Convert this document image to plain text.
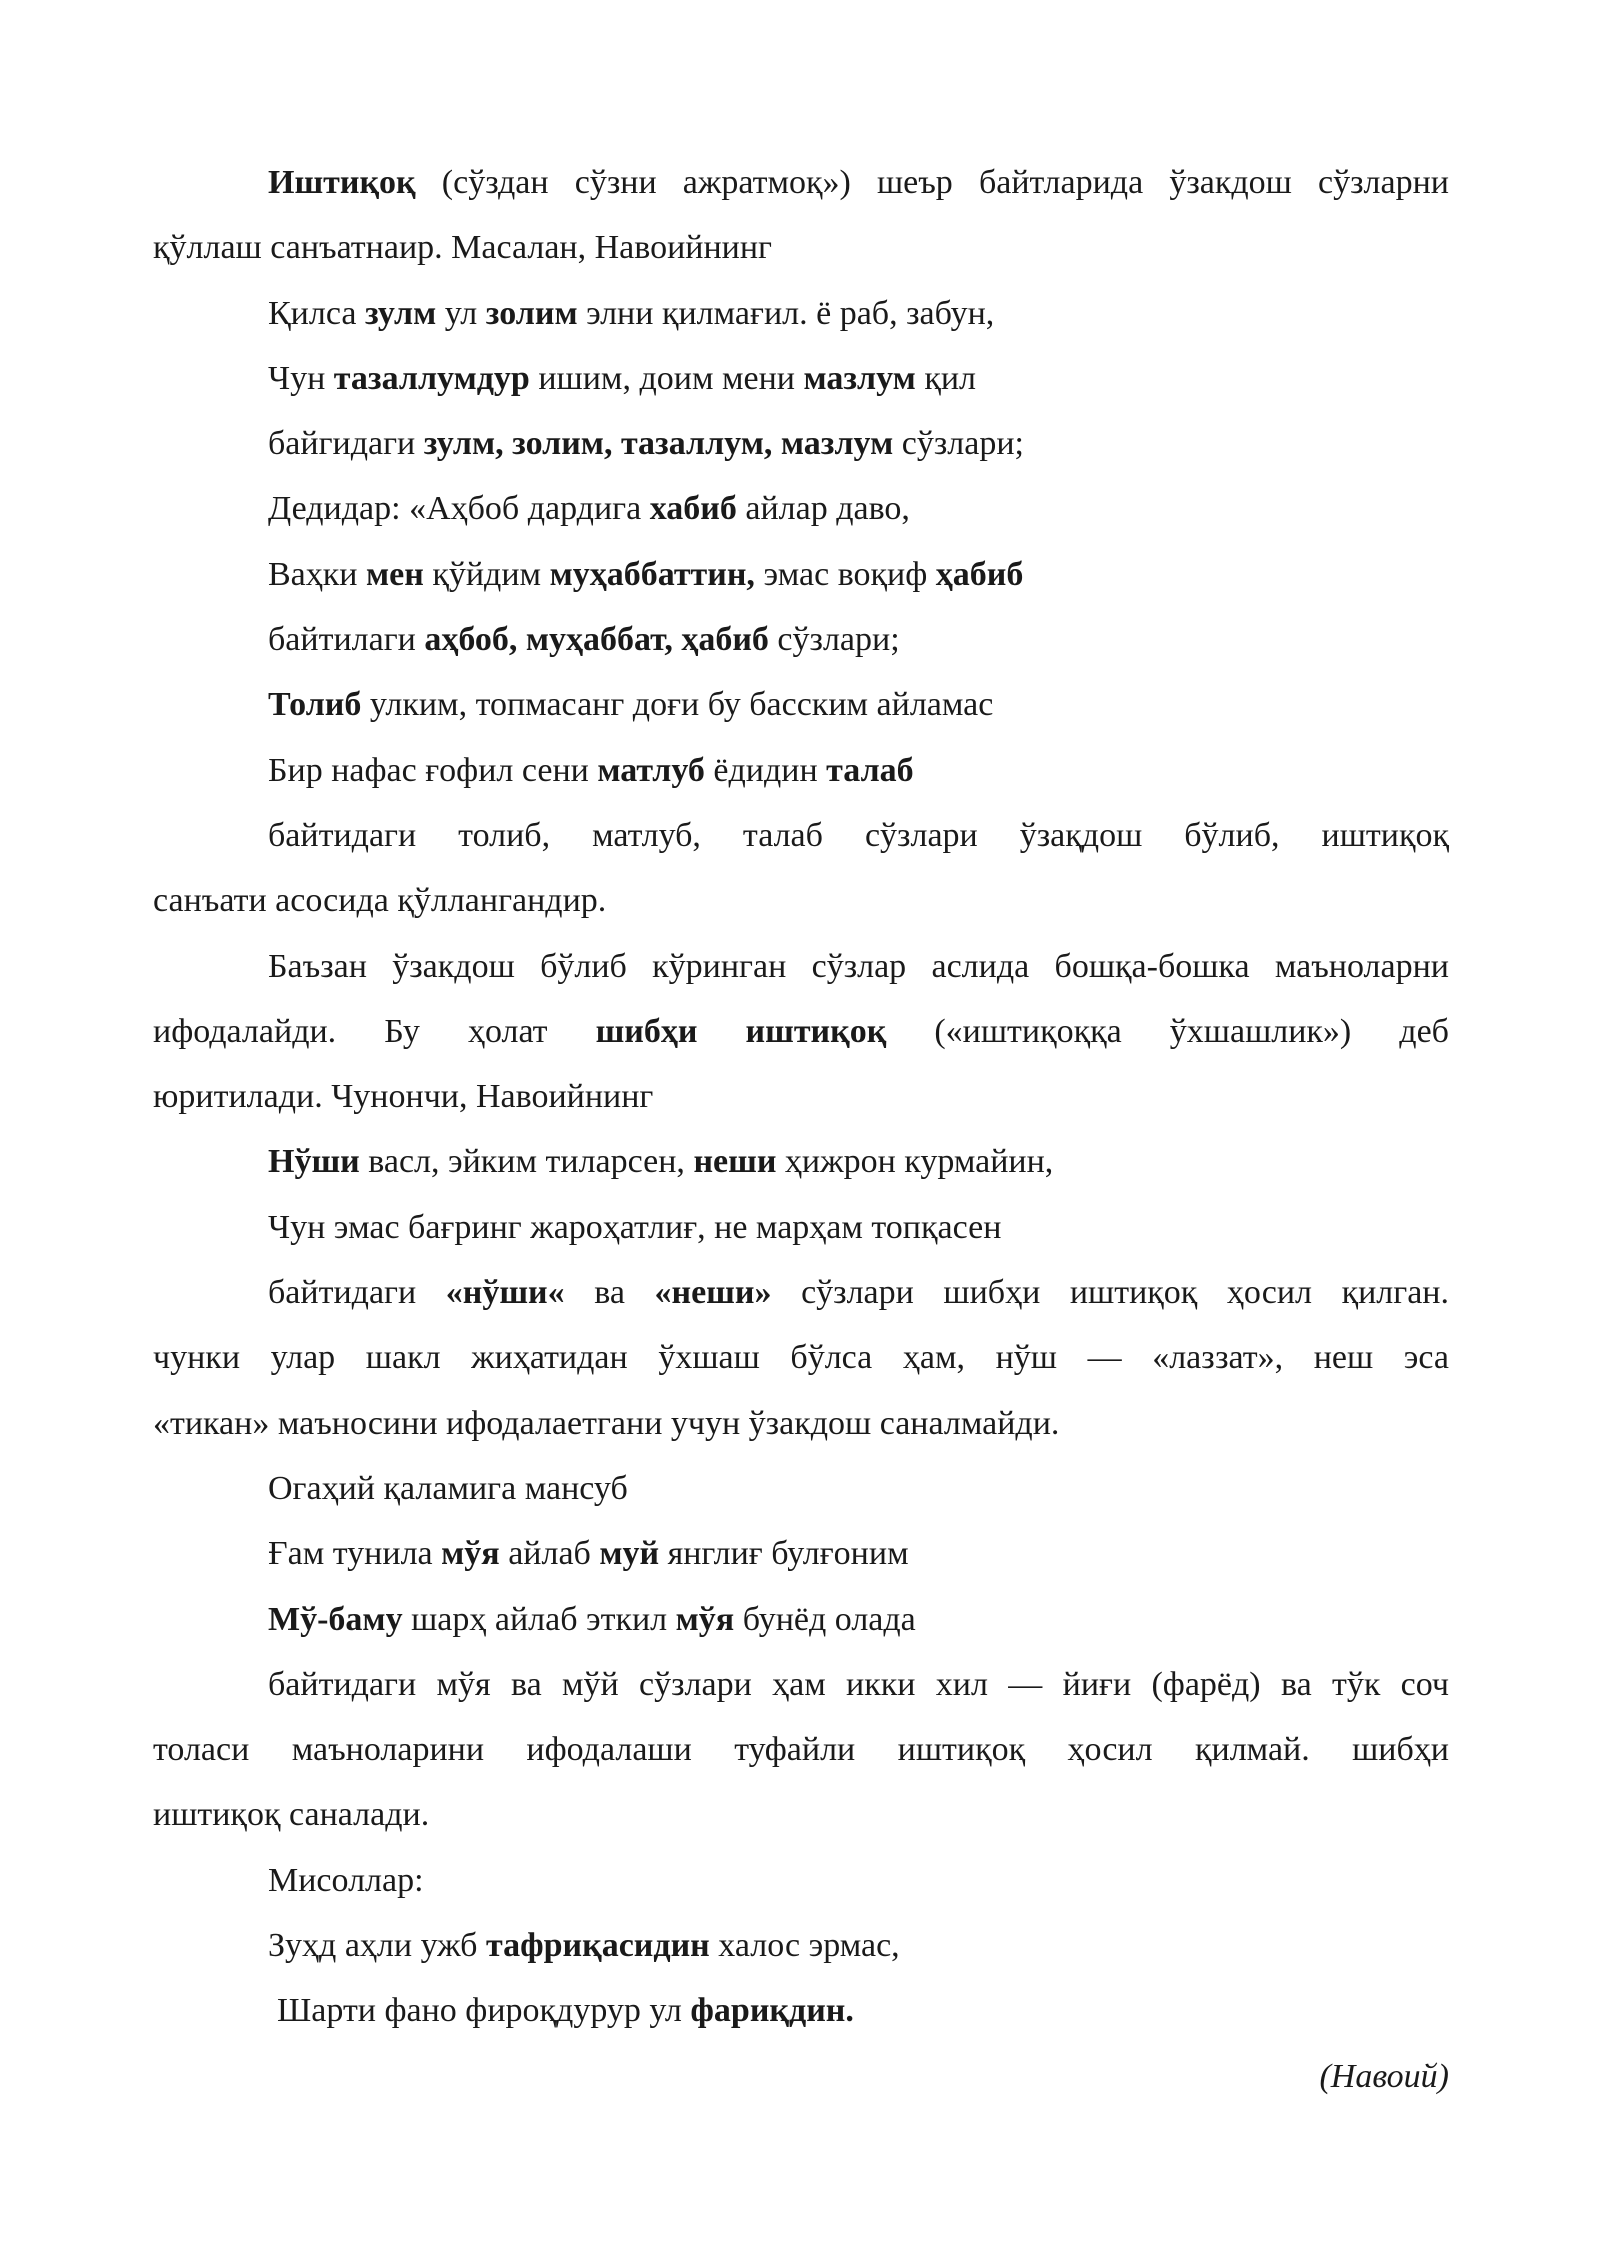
Иштиқоқ (сўздан сўзни ажратмоқ») шеър байтларида ўзакдош сўзларни
қўллаш санъатнаир. Масалан, Навоийнинг
Қилса зулм ул золим элни қилмағил. ё раб, забун,
Чун тазаллумдур ишим, доим мени мазлум қил
байгидаги зулм, золим, тазаллум, мазлум сўзлари;
Дедидар: «Аҳбоб дардига хабиб айлар даво,
Ваҳки мен қўйдим муҳаббаттин, эмас воқиф ҳабиб
байтилаги аҳбоб, муҳаббат, ҳабиб сўзлари;
Толиб улким, топмасанг доғи бу басским айламас
Бир нафас ғофил сени матлуб ёдидин талаб
байтидаги толиб, матлуб, талаб сўзлари ўзақдош бўлиб, иштиқоқ
санъати асосида қўллангандир.
Баъзан ўзакдош бўлиб кўринган сўзлар аслида бошқа-бошка маъноларни
ифодалайди. Бу ҳолат шибҳи иштиқоқ («иштиқоққа ўхшашлик») деб
юритилади. Чунончи, Навоийнинг
Нўши васл, эйким тиларсен, неши ҳижрон курмайин,
Чун эмас бағринг жароҳатлиғ, не марҳам топқасен
байтидаги «нўши« ва «неши» сўзлари шибҳи иштиқоқ ҳосил қилган.
чунки улар шакл жиҳатидан ўхшаш бўлса ҳам, нўш — «лаззат», неш эса
«тикан» маъносини ифодалаетгани учун ўзакдош саналмайди.
Огаҳий қаламига мансуб
Ғам тунила мўя айлаб муй янглиғ булғоним
Мў-баму шарҳ айлаб эткил мўя бунёд олада
байтидаги мўя ва мўй сўзлари ҳам икки хил — йиғи (фарёд) ва тўк соч
толаси маъноларини ифодалаши туфайли иштиқоқ ҳосил қилмай. шибҳи
иштиқоқ саналади.
Мисоллар:
Зуҳд аҳли ужб тафриқасидин халос эрмас,
Шарти фано фироқдурур ул фариқдин.
(Навоий)
